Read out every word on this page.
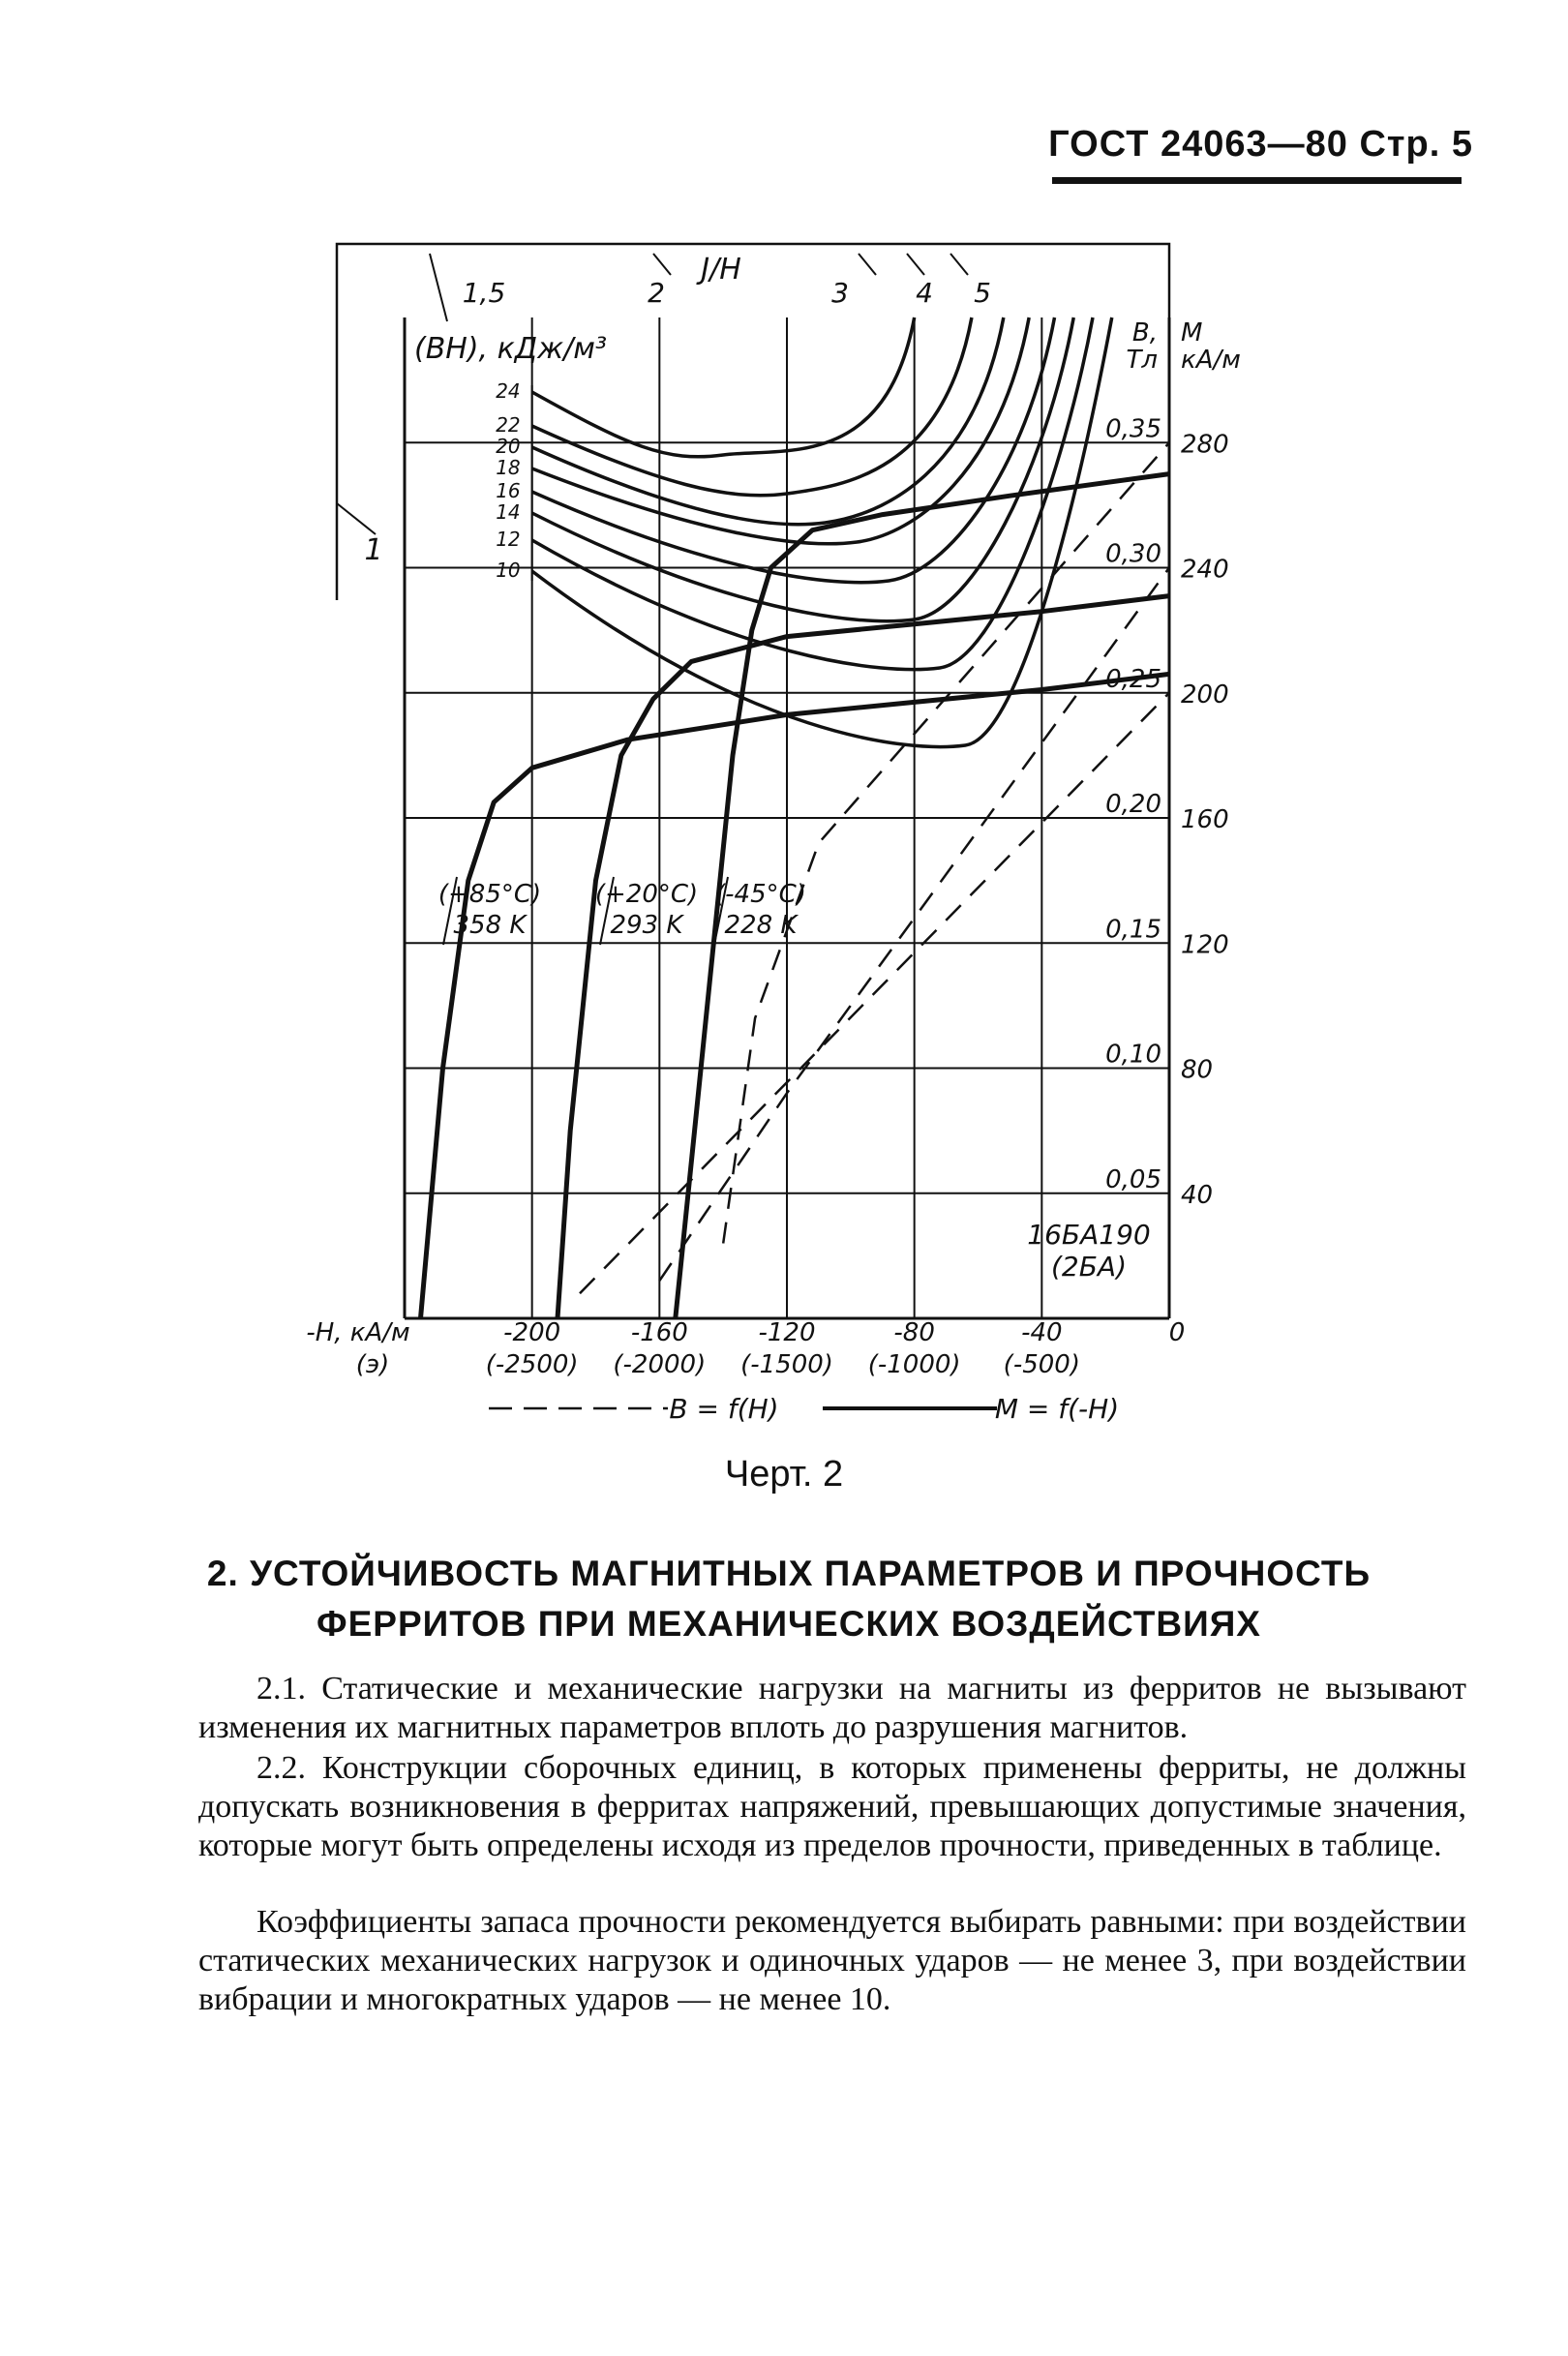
ГОСТ 24063—80 Стр. 5
24
22
20
18
16
14
12
10
-200
(-2500)
-160
(-2000)
-120
(-1500)
-80
(-1000)
-40
(-500)
0
-H, кА/м
(э)
0,35
0,30
0,25
0,20
0,15
0,10
0,05
280
240
200
160
120
80
40
B,
Тл
M
кА/м
(BH), кДж/м³
J/H
1,5	2	3 4 5
1
(+85°C)
358 K
(+20°C)
293 K
(-45°C)
228 K
16БА190
(2БА)
B = f(H)	M = f(-H)
Черт. 2
2. УСТОЙЧИВОСТЬ МАГНИТНЫХ ПАРАМЕТРОВ И ПРОЧНОСТЬ
ФЕРРИТОВ ПРИ МЕХАНИЧЕСКИХ ВОЗДЕЙСТВИЯХ
2.1. Статические и механические нагрузки на магниты из ферритов не вызывают изменения их магнитных параметров вплоть до разрушения магнитов.
2.2. Конструкции сборочных единиц, в которых применены ферриты, не должны допускать возникновения в ферритах напряжений, превышающих допустимые значения, которые могут быть определены исходя из пределов прочности, приведенных в таблице.
Коэффициенты запаса прочности рекомендуется выбирать равными: при воздействии статических механических нагрузок и одиночных ударов — не менее 3, при воздействии вибрации и многократных ударов — не менее 10.
